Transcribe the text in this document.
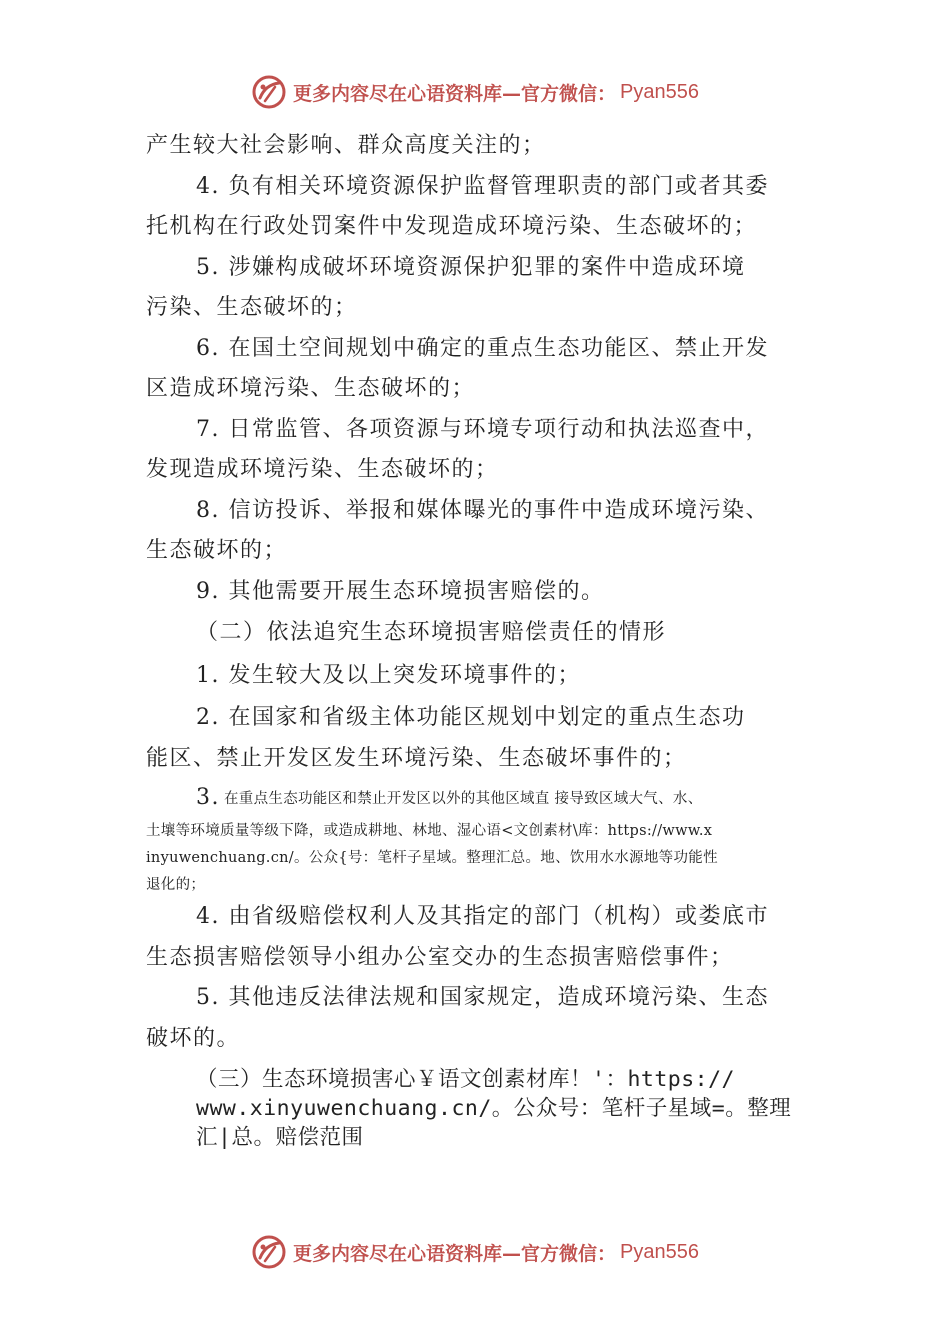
更多内容尽在心语资料库—官方微信： Pyan556
产生较大社会影响、群众高度关注的；
4. 负有相关环境资源保护监督管理职责的部门或者其委
托机构在行政处罚案件中发现造成环境污染、生态破坏的；
5. 涉嫌构成破坏环境资源保护犯罪的案件中造成环境
污染、生态破坏的；
6. 在国土空间规划中确定的重点生态功能区、禁止开发
区造成环境污染、生态破坏的；
7. 日常监管、各项资源与环境专项行动和执法巡查中，
发现造成环境污染、生态破坏的；
8. 信访投诉、举报和媒体曝光的事件中造成环境污染、
生态破坏的；
9. 其他需要开展生态环境损害赔偿的。
（二）依法追究生态环境损害赔偿责任的情形
1. 发生较大及以上突发环境事件的；
2. 在国家和省级主体功能区规划中划定的重点生态功
能区、禁止开发区发生环境污染、生态破坏事件的；
3. 在重点生态功能区和禁止开发区以外的其他区域直 接导致区域大气、水、
土壤等环境质量等级下降，或造成耕地、林地、湿心语<文创素材\库：https://www.x
inyuwenchuang.cn/。公众{号：笔杆子星域。整理汇总。地、饮用水水源地等功能性
退化的；
4. 由省级赔偿权利人及其指定的部门（机构）或娄底市
生态损害赔偿领导小组办公室交办的生态损害赔偿事件；
5. 其他违反法律法规和国家规定，造成环境污染、生态
破坏的。
（三）生态环境损害心￥语文创素材库！'：https://
www.xinyuwenchuang.cn/。公众号：笔杆子星域=。整理
汇|总。赔偿范围
更多内容尽在心语资料库—官方微信： Pyan556
